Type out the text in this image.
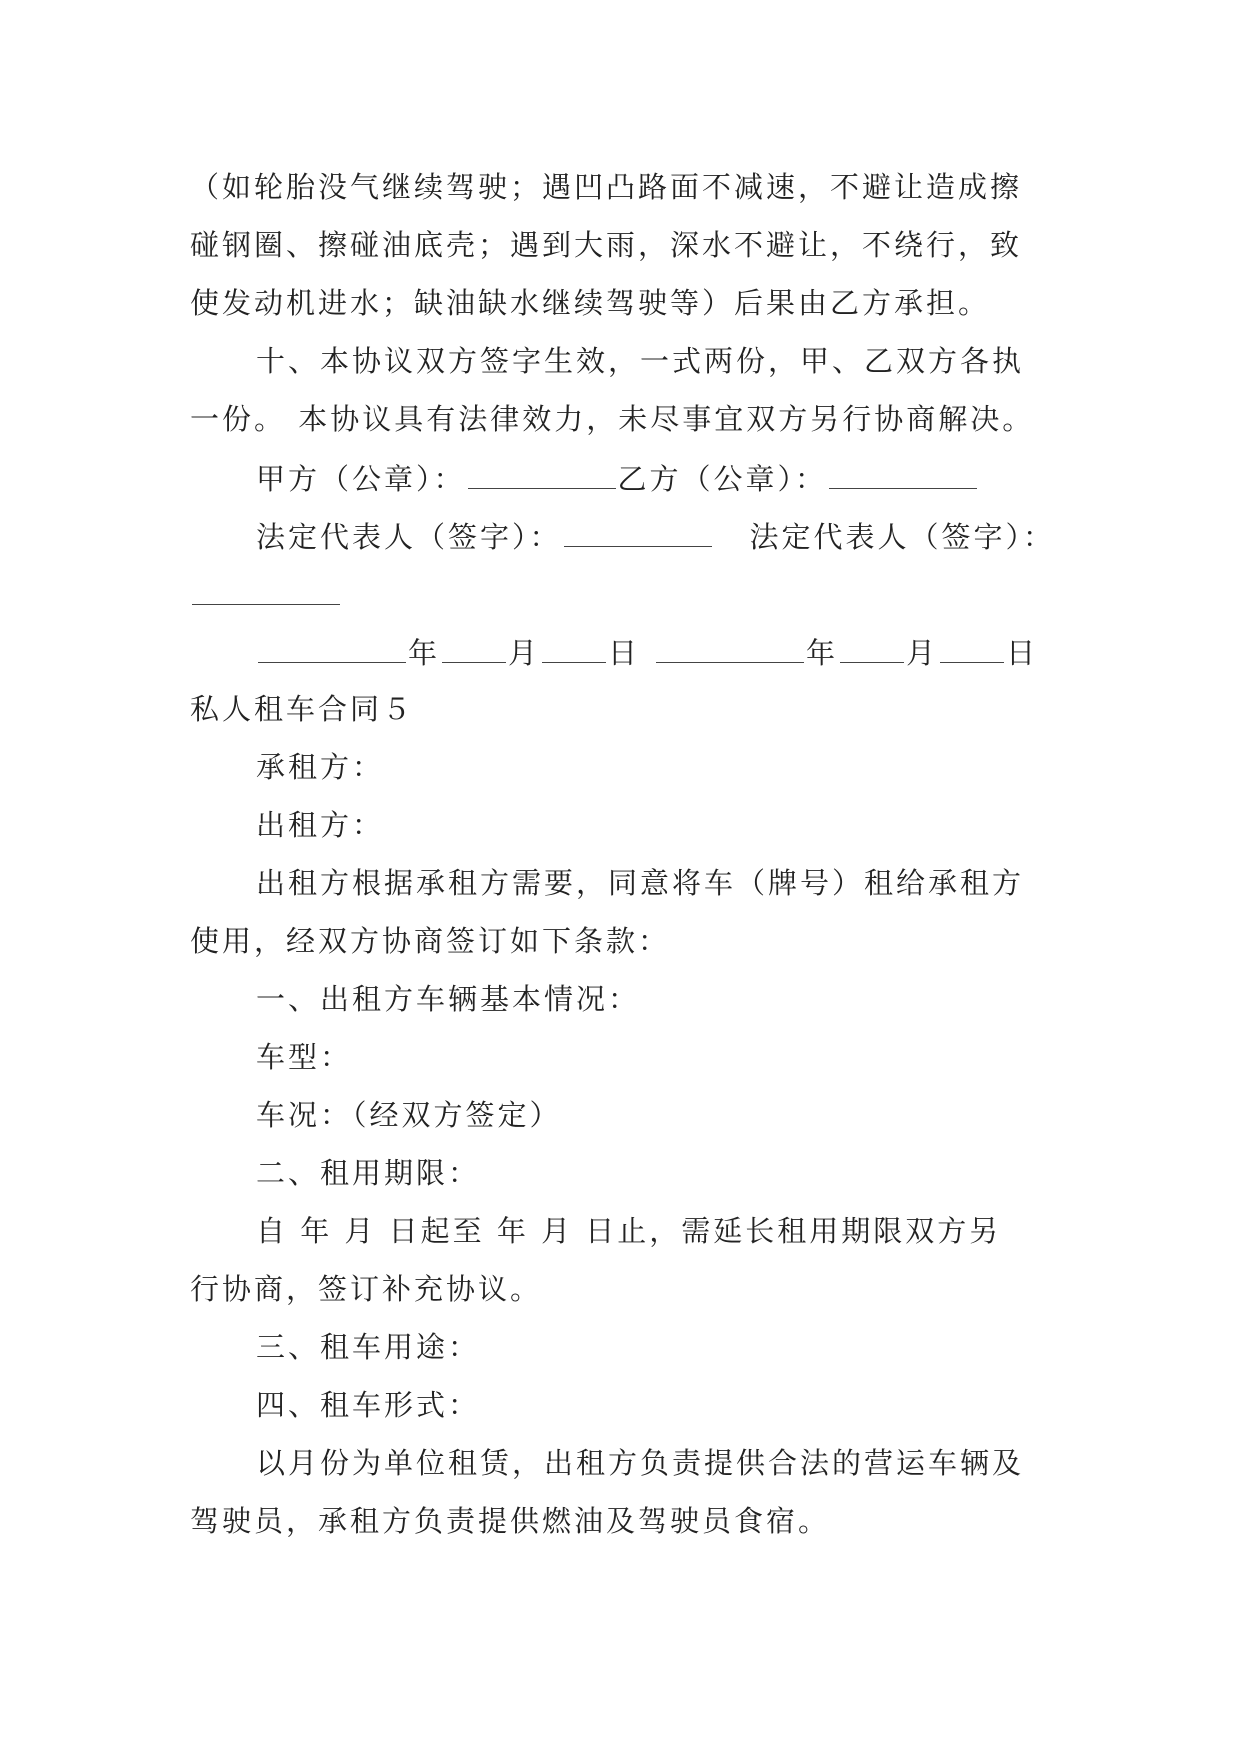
（如轮胎没气继续驾驶；遇凹凸路面不减速，不避让造成擦
碰钢圈、擦碰油底壳；遇到大雨，深水不避让，不绕行，致
使发动机进水；缺油缺水继续驾驶等）后果由乙方承担。
十、本协议双方签字生效，一式两份，甲、乙双方各执
一份。 本协议具有法律效力，未尽事宜双方另行协商解决。
甲方（公章）：	乙方（公章）：
法定代表人（签字）：	法定代表人（签字）：
年 月 日	年 月 日
私人租车合同５
承租方：
出租方：
出租方根据承租方需要，同意将车（牌号）租给承租方
使用，经双方协商签订如下条款：
一、出租方车辆基本情况：
车型：
车况：（经双方签定）
二、租用期限：
自 年 月 日起至 年 月 日止，需延长租用期限双方另
行协商，签订补充协议。
三、租车用途：
四、租车形式：
以月份为单位租赁，出租方负责提供合法的营运车辆及
驾驶员，承租方负责提供燃油及驾驶员食宿。
